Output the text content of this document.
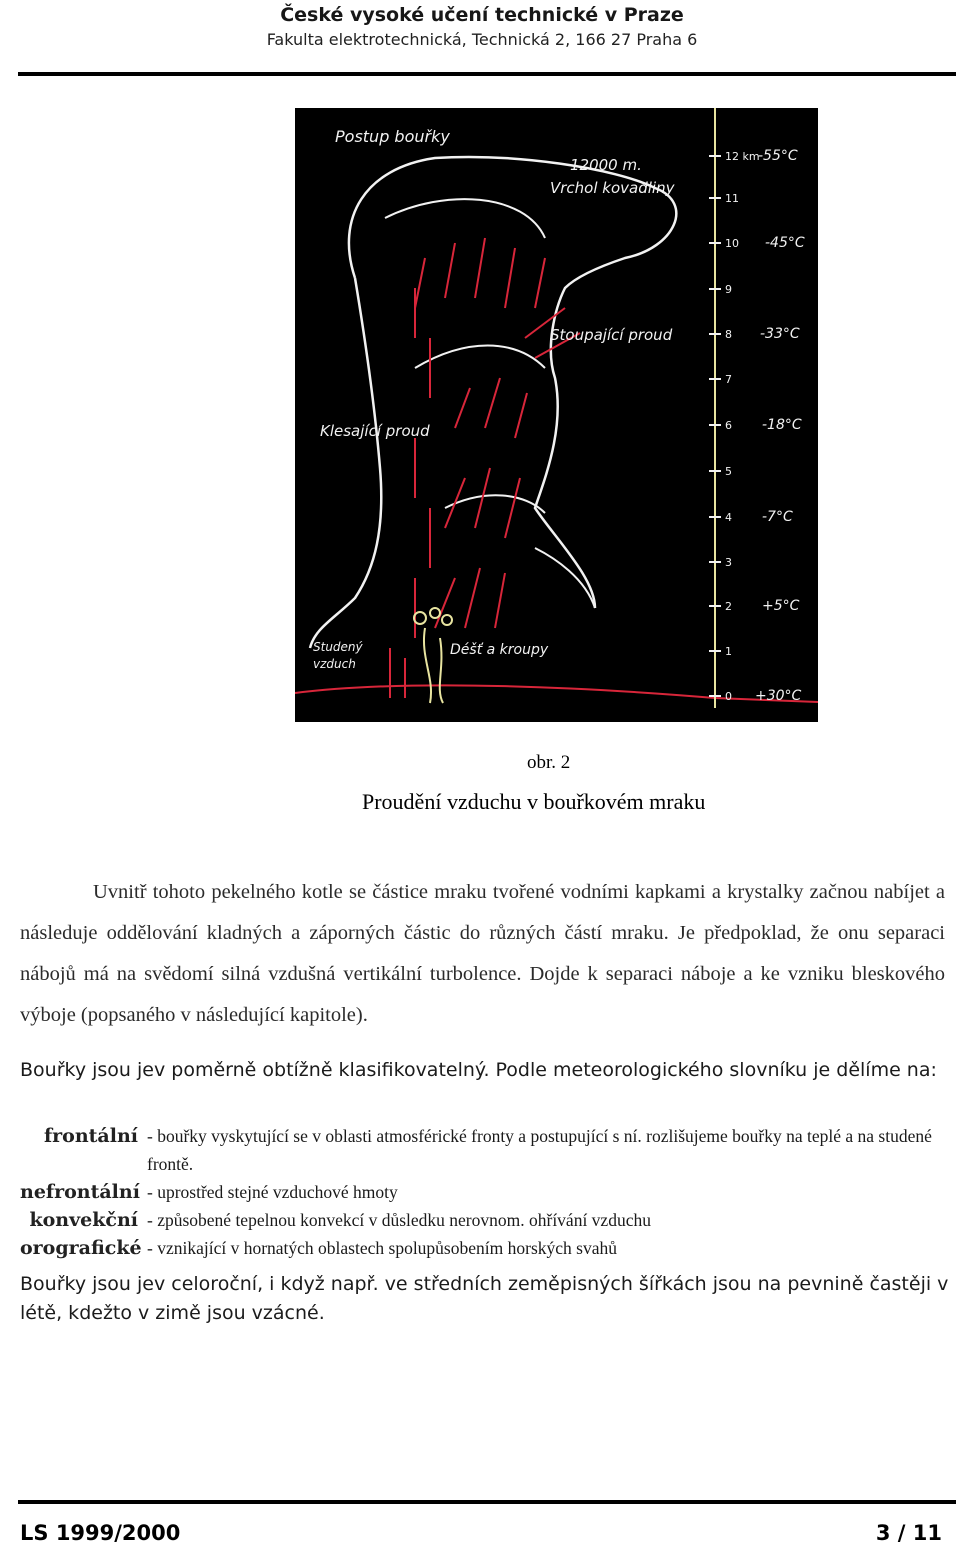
České vysoké učení technické v Praze
Fakulta elektrotechnická, Technická 2, 166 27 Praha 6
Postup bouřky
12000 m.
Vrchol kovadliny
Stoupající proud
Klesající proud
Studený
vzduch
Déšť a kroupy
12 km
11
10
9
8
7
6
5
4
3
2
1
0
-55°C
-45°C
-33°C
-18°C
-7°C
+5°C
+30°C
obr. 2
Proudění vzduchu v bouřkovém mraku

Uvnitř tohoto pekelného kotle se částice mraku tvořené vodními kapkami a krystalky začnou nabíjet a následuje oddělování kladných a záporných částic do různých částí mraku. Je předpoklad, že onu separaci nábojů má na svědomí silná vzdušná vertikální turbolence. Dojde k separaci náboje a ke vzniku bleskového výboje (popsaného v následující kapitole).

Bouřky jsou jev poměrně obtížně klasifikovatelný. Podle meteorologického slovníku je dělíme na:
frontální - bouřky vyskytující se v oblasti atmosférické fronty a postupující s ní. rozlišujeme bouřky na teplé a na studené frontě.
nefrontální - uprostřed stejné vzduchové hmoty
konvekční - způsobené tepelnou konvekcí v důsledku nerovnom. ohřívání vzduchu
orografické - vznikající v hornatých oblastech spolupůsobením horských svahů
Bouřky jsou jev celoroční, i když např. ve středních zeměpisných šířkách jsou na pevnině častěji v létě, kdežto v zimě jsou vzácné.
LS 1999/2000	3 / 11
